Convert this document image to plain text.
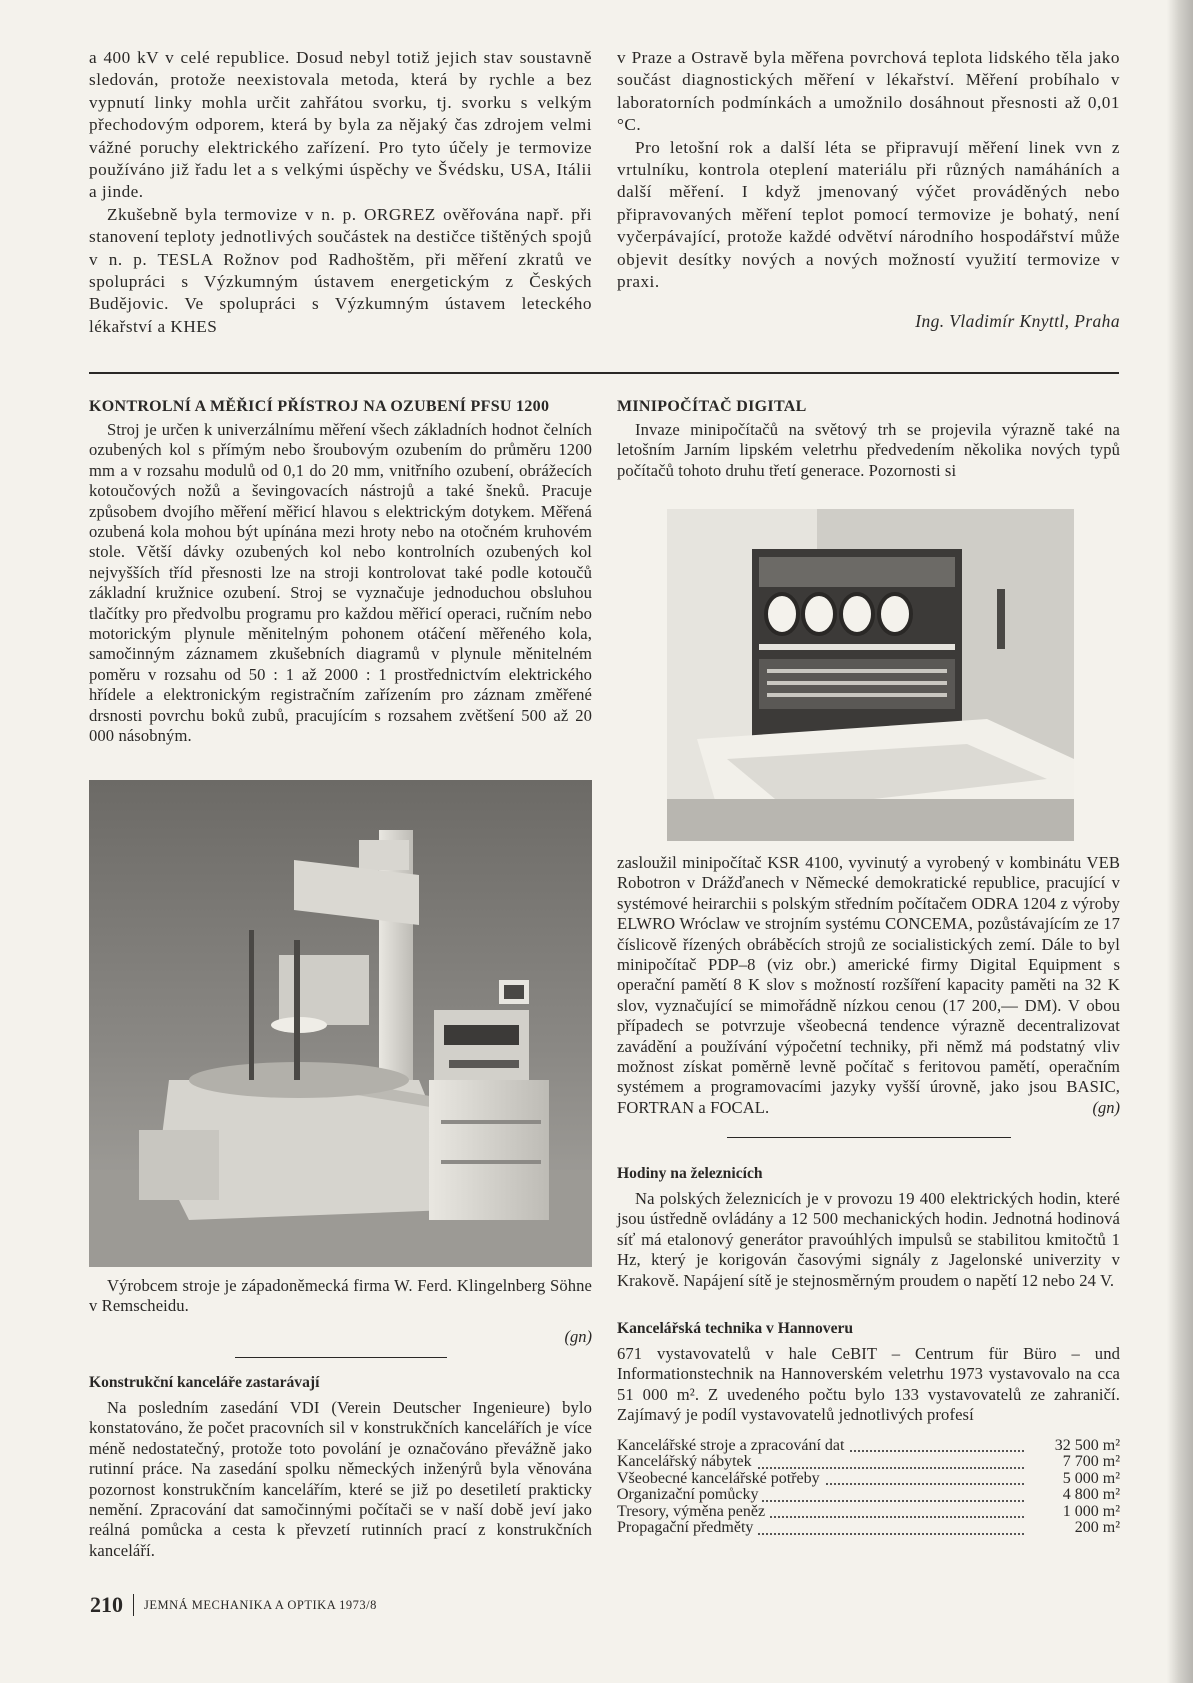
a 400 kV v celé republice. Dosud nebyl totiž jejich stav soustavně sledován, protože neexistovala metoda, která by rychle a bez vypnutí linky mohla určit zahřátou svorku, tj. svorku s velkým přechodovým odporem, která by byla za nějaký čas zdrojem velmi vážné poruchy elektrického zařízení. Pro tyto účely je termovize používáno již řadu let a s velkými úspěchy ve Švédsku, USA, Itálii a jinde.

Zkušebně byla termovize v n. p. ORGREZ ověřována např. při stanovení teploty jednotlivých součástek na destičce tištěných spojů v n. p. TESLA Rožnov pod Radhoštěm, při měření zkratů ve spolupráci s Výzkumným ústavem energetickým z Českých Budějovic. Ve spolupráci s Výzkumným ústavem leteckého lékařství a KHES

v Praze a Ostravě byla měřena povrchová teplota lidského těla jako součást diagnostických měření v lékařství. Měření probíhalo v laboratorních podmínkách a umožnilo dosáhnout přesnosti až 0,01 °C.

Pro letošní rok a další léta se připravují měření linek vvn z vrtulníku, kontrola oteplení materiálu při různých namáháních a další měření. I když jmenovaný výčet prováděných nebo připravovaných měření teplot pomocí termovize je bohatý, není vyčerpávající, protože každé odvětví národního hospodářství může objevit desítky nových a nových možností využití termovize v praxi.

Ing. Vladimír Knyttl, Praha
KONTROLNÍ A MĚŘICÍ PŘÍSTROJ NA OZUBENÍ PFSU 1200

Stroj je určen k univerzálnímu měření všech základních hodnot čelních ozubených kol s přímým nebo šroubovým ozubením do průměru 1200 mm a v rozsahu modulů od 0,1 do 20 mm, vnitřního ozubení, obrážecích kotoučových nožů a ševingovacích nástrojů a také šneků. Pracuje způsobem dvojího měření měřicí hlavou s elektrickým dotykem. Měřená ozubená kola mohou být upínána mezi hroty nebo na otočném kruhovém stole. Větší dávky ozubených kol nebo kontrolních ozubených kol nejvyšších tříd přesnosti lze na stroji kontrolovat také podle kotoučů základní kružnice ozubení. Stroj se vyznačuje jednoduchou obsluhou tlačítky pro předvolbu programu pro každou měřicí operaci, ručním nebo motorickým plynule měnitelným pohonem otáčení měřeného kola, samočinným záznamem zkušebních diagramů v plynule měnitelném poměru v rozsahu od 50 : 1 až 2000 : 1 prostřednictvím elektrického hřídele a elektronickým registračním zařízením pro záznam změřené drsnosti povrchu boků zubů, pracujícím s rozsahem zvětšení 500 až 20 000 násobným.

Výrobcem stroje je západoněmecká firma W. Ferd. Klingelnberg Söhne v Remscheidu.

(gn)
Konstrukční kanceláře zastarávají

Na posledním zasedání VDI (Verein Deutscher Ingenieure) bylo konstatováno, že počet pracovních sil v konstrukčních kancelářích je více méně nedostatečný, protože toto povolání je označováno převážně jako rutinní práce. Na zasedání spolku německých inženýrů byla věnována pozornost konstrukčním kancelářím, které se již po desetiletí prakticky nemění. Zpracování dat samočinnými počítači se v naší době jeví jako reálná pomůcka a cesta k převzetí rutinních prací z konstrukčních kanceláří.

MINIPOČÍTAČ DIGITAL

Invaze minipočítačů na světový trh se projevila výrazně také na letošním Jarním lipském veletrhu předvedením několika nových typů počítačů tohoto druhu třetí generace. Pozornosti si

zasloužil minipočítač KSR 4100, vyvinutý a vyrobený v kombinátu VEB Robotron v Drážďanech v Německé demokratické republice, pracující v systémové heirarchii s polským středním počítačem ODRA 1204 z výroby ELWRO Wróclaw ve strojním systému CONCEMA, pozůstávajícím ze 17 číslicově řízených obráběcích strojů ze socialistických zemí. Dále to byl minipočítač PDP–8 (viz obr.) americké firmy Digital Equipment s operační pamětí 8 K slov s možností rozšíření kapacity paměti na 32 K slov, vyznačující se mimořádně nízkou cenou (17 200,— DM). V obou případech se potvrzuje všeobecná tendence výrazně decentralizovat zavádění a používání výpočetní techniky, při němž má podstatný vliv možnost získat poměrně levně počítač s feritovou pamětí, operačním systémem a programovacími jazyky vyšší úrovně, jako jsou BASIC, FORTRAN a FOCAL.	(gn)
Hodiny na železnicích

Na polských železnicích je v provozu 19 400 elektrických hodin, které jsou ústředně ovládány a 12 500 mechanických hodin. Jednotná hodinová síť má etalonový generátor pravoúhlých impulsů se stabilitou kmitočtů 1 Hz, který je korigován časovými signály z Jagelonské univerzity v Krakově. Napájení sítě je stejnosměrným proudem o napětí 12 nebo 24 V.

Kancelářská technika v Hannoveru

671 vystavovatelů v hale CeBIT – Centrum für Büro – und Informationstechnik na Hannoverském veletrhu 1973 vystavovalo na cca 51 000 m². Z uvedeného počtu bylo 133 vystavovatelů ze zahraničí. Zajímavý je podíl vystavovatelů jednotlivých profesí

Kancelářské stroje a zpracování dat	32 500 m²

Kancelářský nábytek	7 700 m²

Všeobecné kancelářské potřeby	5 000 m²

Organizační pomůcky	4 800 m²

Tresory, výměna peněz	1 000 m²

Propagační předměty	200 m²
210 JEMNÁ MECHANIKA A OPTIKA 1973/8
